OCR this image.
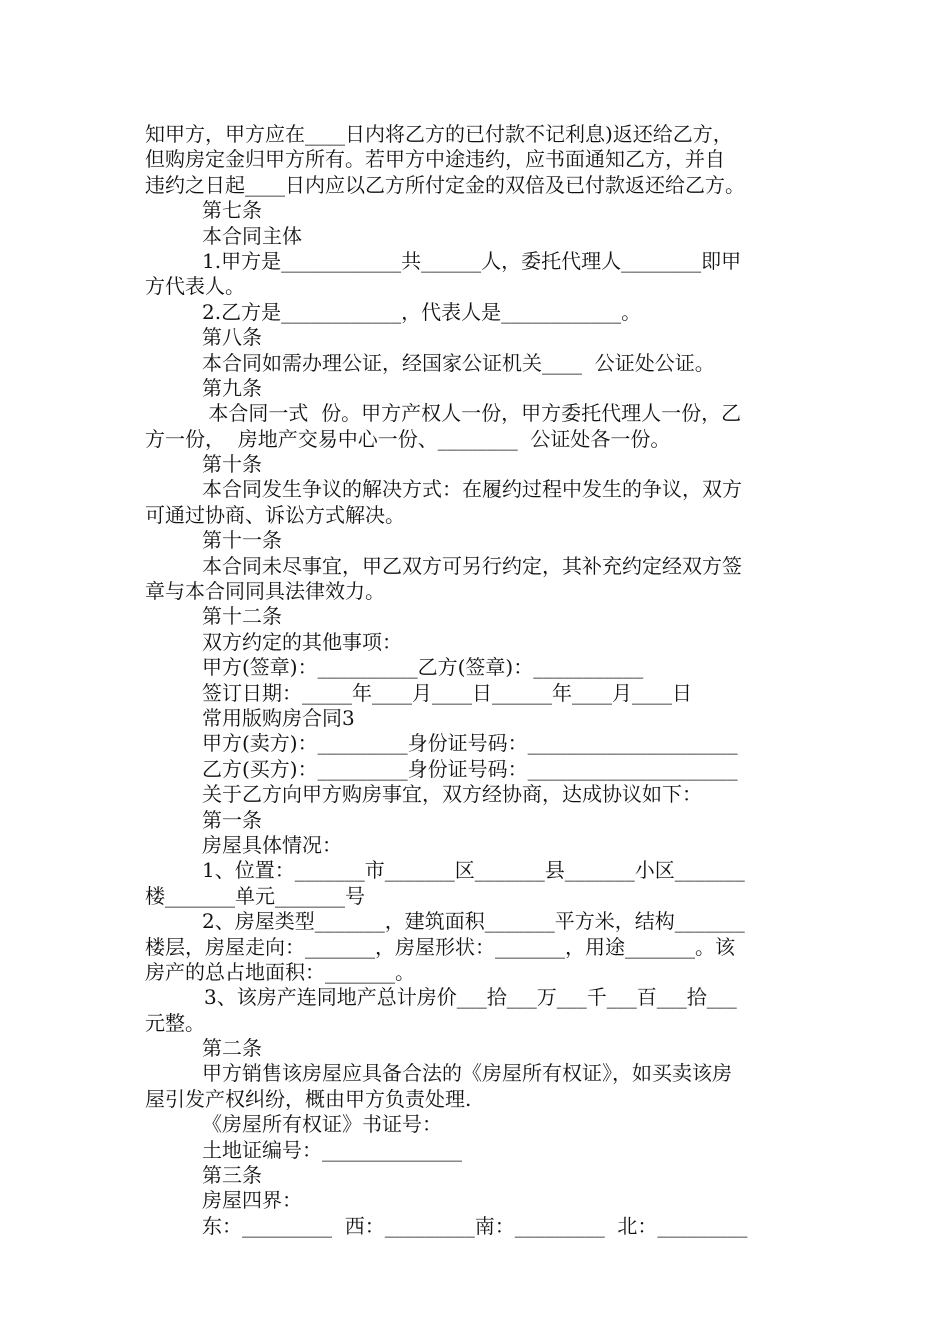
知甲方，甲方应在____日内将乙方的已付款不记利息)返还给乙方，
但购房定金归甲方所有。若甲方中途违约，应书面通知乙方，并自
违约之日起____日内应以乙方所付定金的双倍及已付款返还给乙方。
第七条
本合同主体
1.甲方是____________共______人，委托代理人________即甲
方代表人。
2.乙方是____________，代表人是____________。
第八条
本合同如需办理公证，经国家公证机关____  公证处公证。
第九条
本合同一式  份。甲方产权人一份，甲方委托代理人一份，乙
方一份，  房地产交易中心一份、________  公证处各一份。
第十条
本合同发生争议的解决方式：在履约过程中发生的争议，双方
可通过协商、诉讼方式解决。
第十一条
本合同未尽事宜，甲乙双方可另行约定，其补充约定经双方签
章与本合同同具法律效力。
第十二条
双方约定的其他事项：
甲方(签章)：__________乙方(签章)：___________
签订日期：_____年____月____日______年____月____日
常用版购房合同3
甲方(卖方)：_________身份证号码：_____________________
乙方(买方)：_________身份证号码：_____________________
关于乙方向甲方购房事宜，双方经协商，达成协议如下：
第一条
房屋具体情况：
1、位置：_______市_______区_______县_______小区_______
楼_______单元_______号
2、房屋类型_______，建筑面积_______平方米，结构_______
楼层，房屋走向：_______，房屋形状：_______，用途_______。该
房产的总占地面积：_______。
3、该房产连同地产总计房价___拾___万___千___百___拾___
元整。
第二条
甲方销售该房屋应具备合法的《房屋所有权证》，如买卖该房
屋引发产权纠纷，概由甲方负责处理.
《房屋所有权证》书证号：
土地证编号：______________
第三条
房屋四界：
东：_________  西：_________南：_________  北：_________
